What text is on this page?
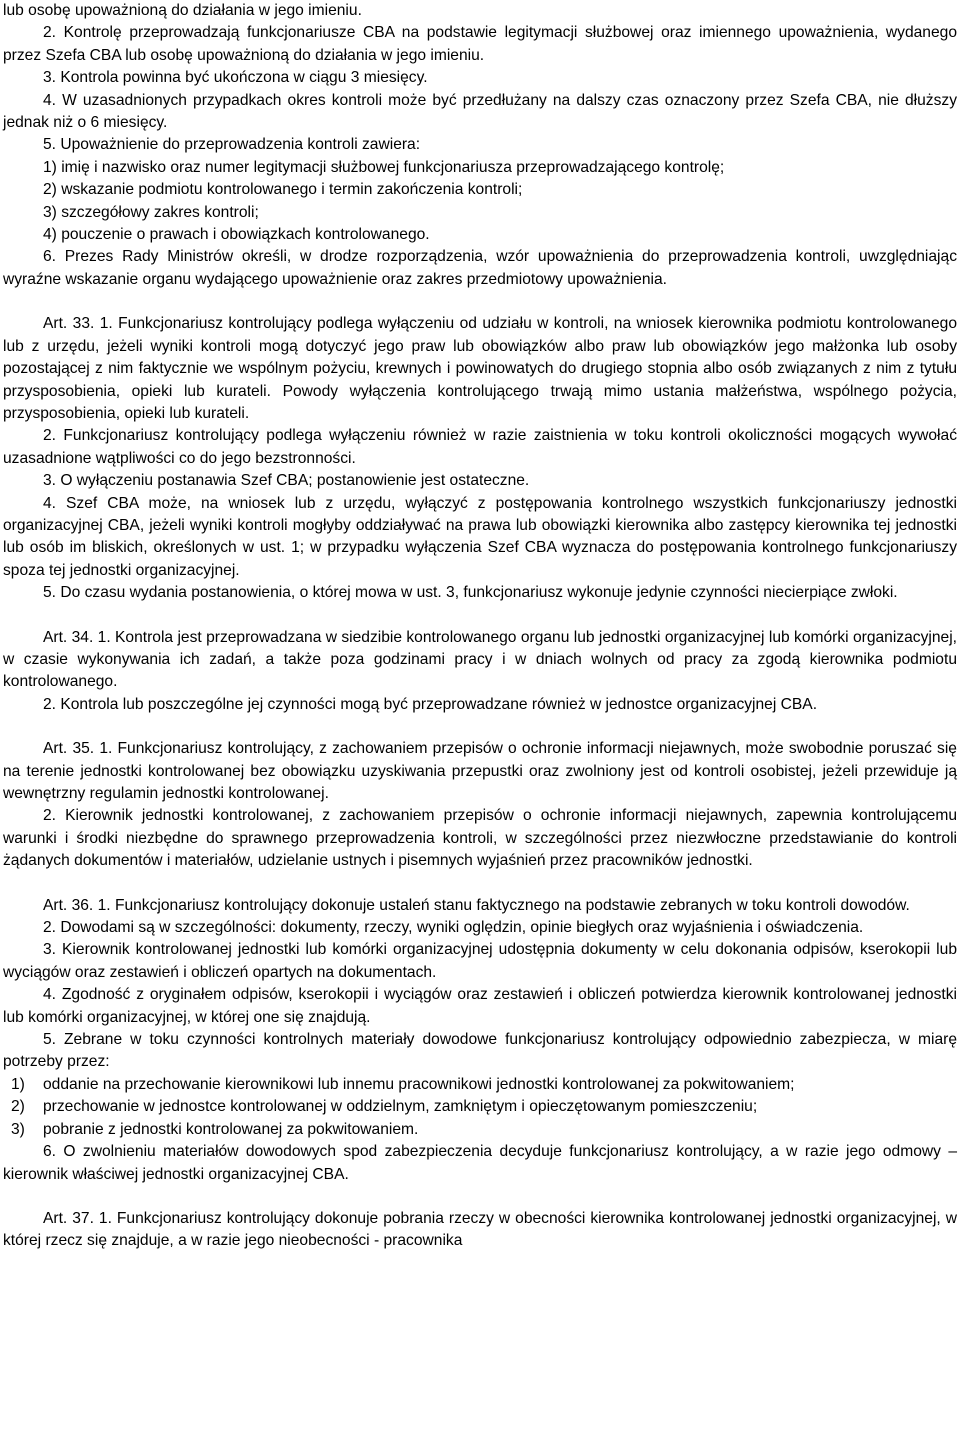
lub osobę upoważnioną do działania w jego imieniu.

2. Kontrolę przeprowadzają funkcjonariusze CBA na podstawie legitymacji służbowej oraz imiennego upoważnienia, wydanego przez Szefa CBA lub osobę upoważnioną do działania w jego imieniu.

3. Kontrola powinna być ukończona w ciągu 3 miesięcy.

4. W uzasadnionych przypadkach okres kontroli może być przedłużany na dalszy czas oznaczony przez Szefa CBA, nie dłuższy jednak niż o 6 miesięcy.

5. Upoważnienie do przeprowadzenia kontroli zawiera:

1) imię i nazwisko oraz numer legitymacji służbowej funkcjonariusza przeprowadzającego kontrolę;

2) wskazanie podmiotu kontrolowanego i termin zakończenia kontroli;

3) szczegółowy zakres kontroli;

4) pouczenie o prawach i obowiązkach kontrolowanego.

6. Prezes Rady Ministrów określi, w drodze rozporządzenia, wzór upoważnienia do przeprowadzenia kontroli, uwzględniając wyraźne wskazanie organu wydającego upoważnienie oraz zakres przedmiotowy upoważnienia.

Art. 33. 1. Funkcjonariusz kontrolujący podlega wyłączeniu od udziału w kontroli, na wniosek kierownika podmiotu kontrolowanego lub z urzędu, jeżeli wyniki kontroli mogą dotyczyć jego praw lub obowiązków albo praw lub obowiązków jego małżonka lub osoby pozostającej z nim faktycznie we wspólnym pożyciu, krewnych i powinowatych do drugiego stopnia albo osób związanych z nim z tytułu przysposobienia, opieki lub kurateli. Powody wyłączenia kontrolującego trwają mimo ustania małżeństwa, wspólnego pożycia, przysposobienia, opieki lub kurateli.

2. Funkcjonariusz kontrolujący podlega wyłączeniu również w razie zaistnienia w toku kontroli okoliczności mogących wywołać uzasadnione wątpliwości co do jego bezstronności.

3. O wyłączeniu postanawia Szef CBA; postanowienie jest ostateczne.

4. Szef CBA może, na wniosek lub z urzędu, wyłączyć z postępowania kontrolnego wszystkich funkcjonariuszy jednostki organizacyjnej CBA, jeżeli wyniki kontroli mogłyby oddziaływać na prawa lub obowiązki kierownika albo zastępcy kierownika tej jednostki lub osób im bliskich, określonych w ust. 1; w przypadku wyłączenia Szef CBA wyznacza do postępowania kontrolnego funkcjonariuszy spoza tej jednostki organizacyjnej.

5. Do czasu wydania postanowienia, o której mowa w ust. 3, funkcjonariusz wykonuje jedynie czynności niecierpiące zwłoki.

Art. 34. 1. Kontrola jest przeprowadzana w siedzibie kontrolowanego organu lub jednostki organizacyjnej lub komórki organizacyjnej, w czasie wykonywania ich zadań, a także poza godzinami pracy i w dniach wolnych od pracy za zgodą kierownika podmiotu kontrolowanego.

2. Kontrola lub poszczególne jej czynności mogą być przeprowadzane również w jednostce organizacyjnej CBA.

Art. 35. 1. Funkcjonariusz kontrolujący, z zachowaniem przepisów o ochronie informacji niejawnych, może swobodnie poruszać się na terenie jednostki kontrolowanej bez obowiązku uzyskiwania przepustki oraz zwolniony jest od kontroli osobistej, jeżeli przewiduje ją wewnętrzny regulamin jednostki kontrolowanej.

2. Kierownik jednostki kontrolowanej, z zachowaniem przepisów o ochronie informacji niejawnych, zapewnia kontrolującemu warunki i środki niezbędne do sprawnego przeprowadzenia kontroli, w szczególności przez niezwłoczne przedstawianie do kontroli żądanych dokumentów i materiałów, udzielanie ustnych i pisemnych wyjaśnień przez pracowników jednostki.

Art. 36. 1. Funkcjonariusz kontrolujący dokonuje ustaleń stanu faktycznego na podstawie zebranych w toku kontroli dowodów.

2. Dowodami są w szczególności: dokumenty, rzeczy, wyniki oględzin, opinie biegłych oraz wyjaśnienia i oświadczenia.

3. Kierownik kontrolowanej jednostki lub komórki organizacyjnej udostępnia dokumenty w celu dokonania odpisów, kserokopii lub wyciągów oraz zestawień i obliczeń opartych na dokumentach.

4. Zgodność z oryginałem odpisów, kserokopii i wyciągów oraz zestawień i obliczeń potwierdza kierownik kontrolowanej jednostki lub komórki organizacyjnej, w której one się znajdują.

5. Zebrane w toku czynności kontrolnych materiały dowodowe funkcjonariusz kontrolujący odpowiednio zabezpiecza, w miarę potrzeby przez:

1)	oddanie na przechowanie kierownikowi lub innemu pracownikowi jednostki kontrolowanej za pokwitowaniem;
2)	przechowanie w jednostce kontrolowanej w oddzielnym, zamkniętym i opieczętowanym pomieszczeniu;
3)	pobranie z jednostki kontrolowanej za pokwitowaniem.

6. O zwolnieniu materiałów dowodowych spod zabezpieczenia decyduje funkcjonariusz kontrolujący, a w razie jego odmowy – kierownik właściwej jednostki organizacyjnej CBA.

Art. 37. 1. Funkcjonariusz kontrolujący dokonuje pobrania rzeczy w obecności kierownika kontrolowanej jednostki organizacyjnej, w której rzecz się znajduje, a w razie jego nieobecności - pracownika
